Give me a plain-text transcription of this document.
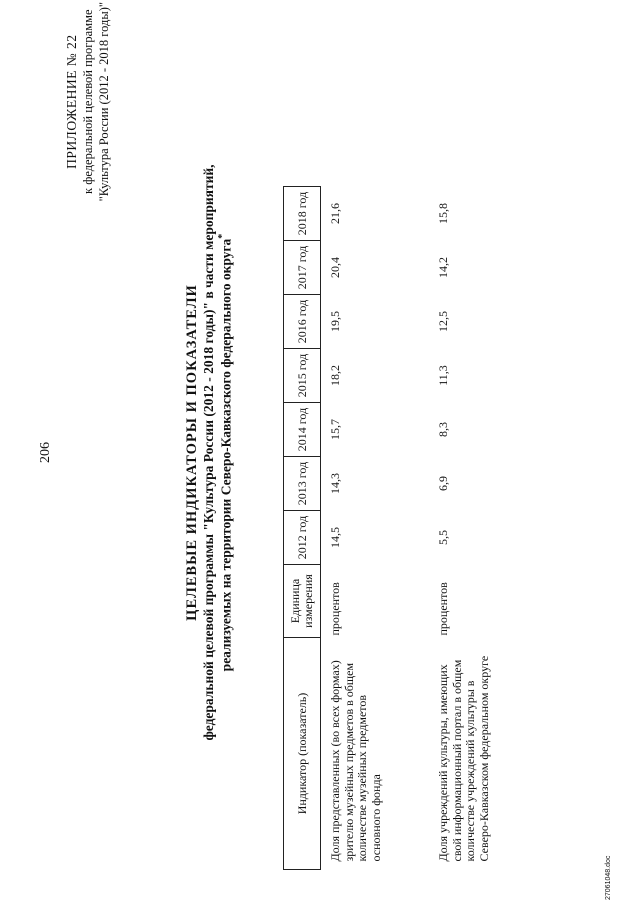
206
ПРИЛОЖЕНИЕ № 22 к федеральной целевой программе "Культура России (2012 - 2018 годы)"
ЦЕЛЕВЫЕ ИНДИКАТОРЫ И ПОКАЗАТЕЛИ федеральной целевой программы "Культура России (2012 - 2018 годы)" в части мероприятий, реализуемых на территории Северо-Кавказского федерального округа*
Индикатор (показатель)	Единица измерения	2012 год	2013 год	2014 год	2015 год	2016 год	2017 год	2018 год
Доля представленных (во всех формах) зрителю музейных предметов в общем количестве музейных предметов основного фонда	процентов	14,5	14,3	15,7	18,2	19,5	20,4	21,6
Доля учреждений культуры, имеющих свой информационный портал в общем количестве учреждений культуры в Северо-Кавказском федеральном округе	процентов	5,5	6,9	8,3	11,3	12,5	14,2	15,8
27061048.doc
